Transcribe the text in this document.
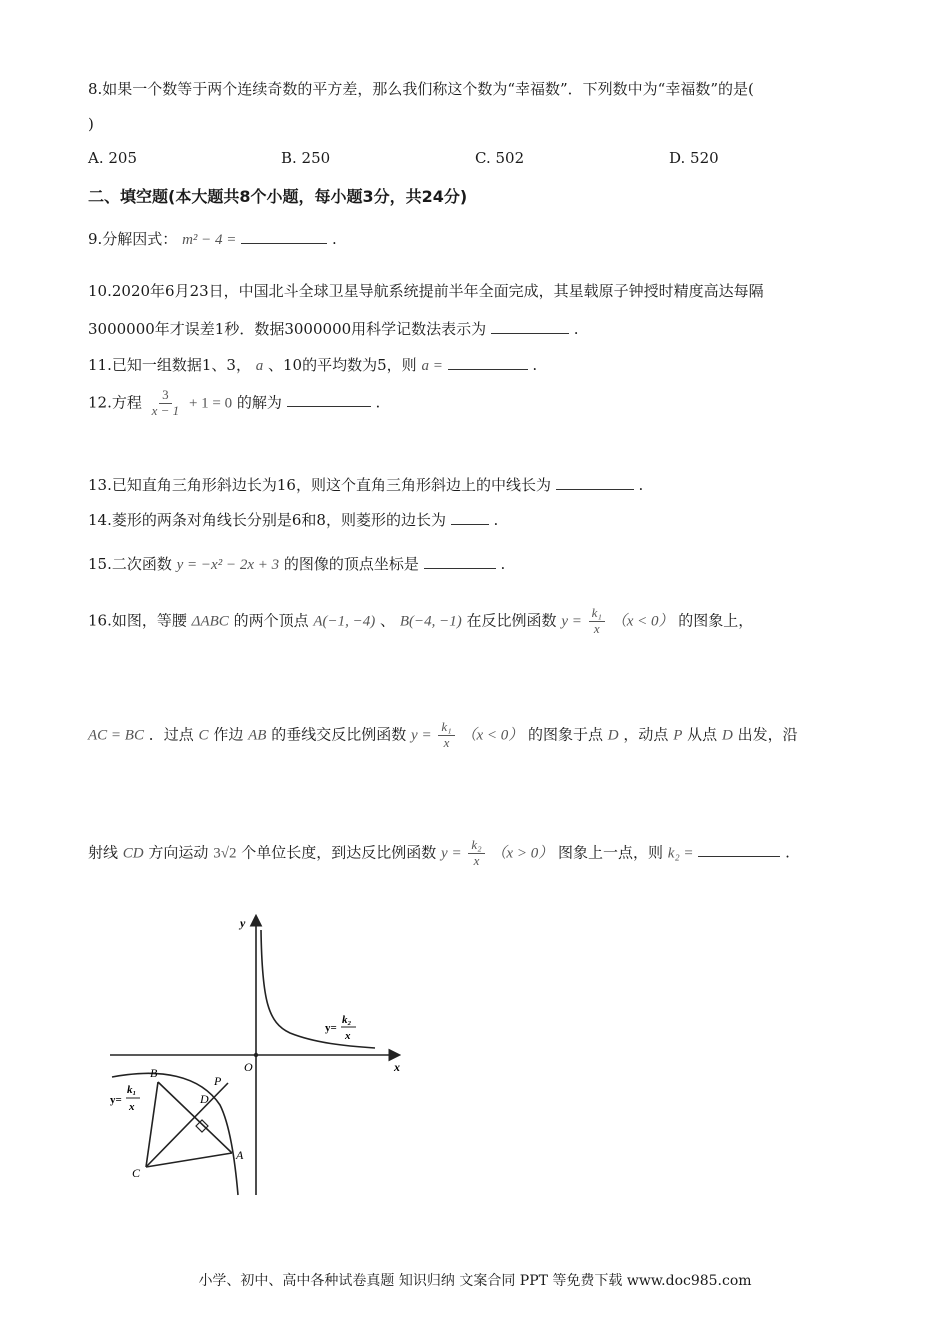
8.如果一个数等于两个连续奇数的平方差，那么我们称这个数为“幸福数”．下列数中为“幸福数”的是(
)
A. 205	B. 250	C. 502	D. 520
二、填空题(本大题共8个小题，每小题3分，共24分)
9.分解因式： m² − 4 =	.
10.2020年6月23日，中国北斗全球卫星导航系统提前半年全面完成，其星载原子钟授时精度高达每隔
3000000年才误差1秒．数据3000000用科学记数法表示为	.
11.已知一组数据1、3， a 、10的平均数为5，则 a =	.
12.方程 $\frac{3}{x - 1} + 1 = 0$ 的解为	.
13.已知直角三角形斜边长为16，则这个直角三角形斜边上的中线长为	.
14.菱形的两条对角线长分别是6和8，则菱形的边长为	.
15.二次函数 y = −x² − 2x + 3 的图像的顶点坐标是	.
16.如图，等腰 ΔABC 的两个顶点 A(−1, −4) 、 B(−4, −1) 在反比例函数 $y = \frac{\text{k₁}}{x} (x < 0)$ 的图象上，
AC = BC ．过点 C 作边 AB 的垂线交反比例函数 $y = \frac{\text{k₁}}{x} (x < 0)$ 的图象于点 D ，动点 P 从点 D 出发，沿
射线 CD 方向运动 3√2 个单位长度，到达反比例函数 $y = \frac{\text{k₂}}{x} (x > 0)$ 图象上一点，则 k₂ =	.
y
x
O
y=
k₂
x
y=
k₁
x
B
P
D
C
A
小学、初中、高中各种试卷真题 知识归纳 文案合同 PPT 等免费下载 www.doc985.com
